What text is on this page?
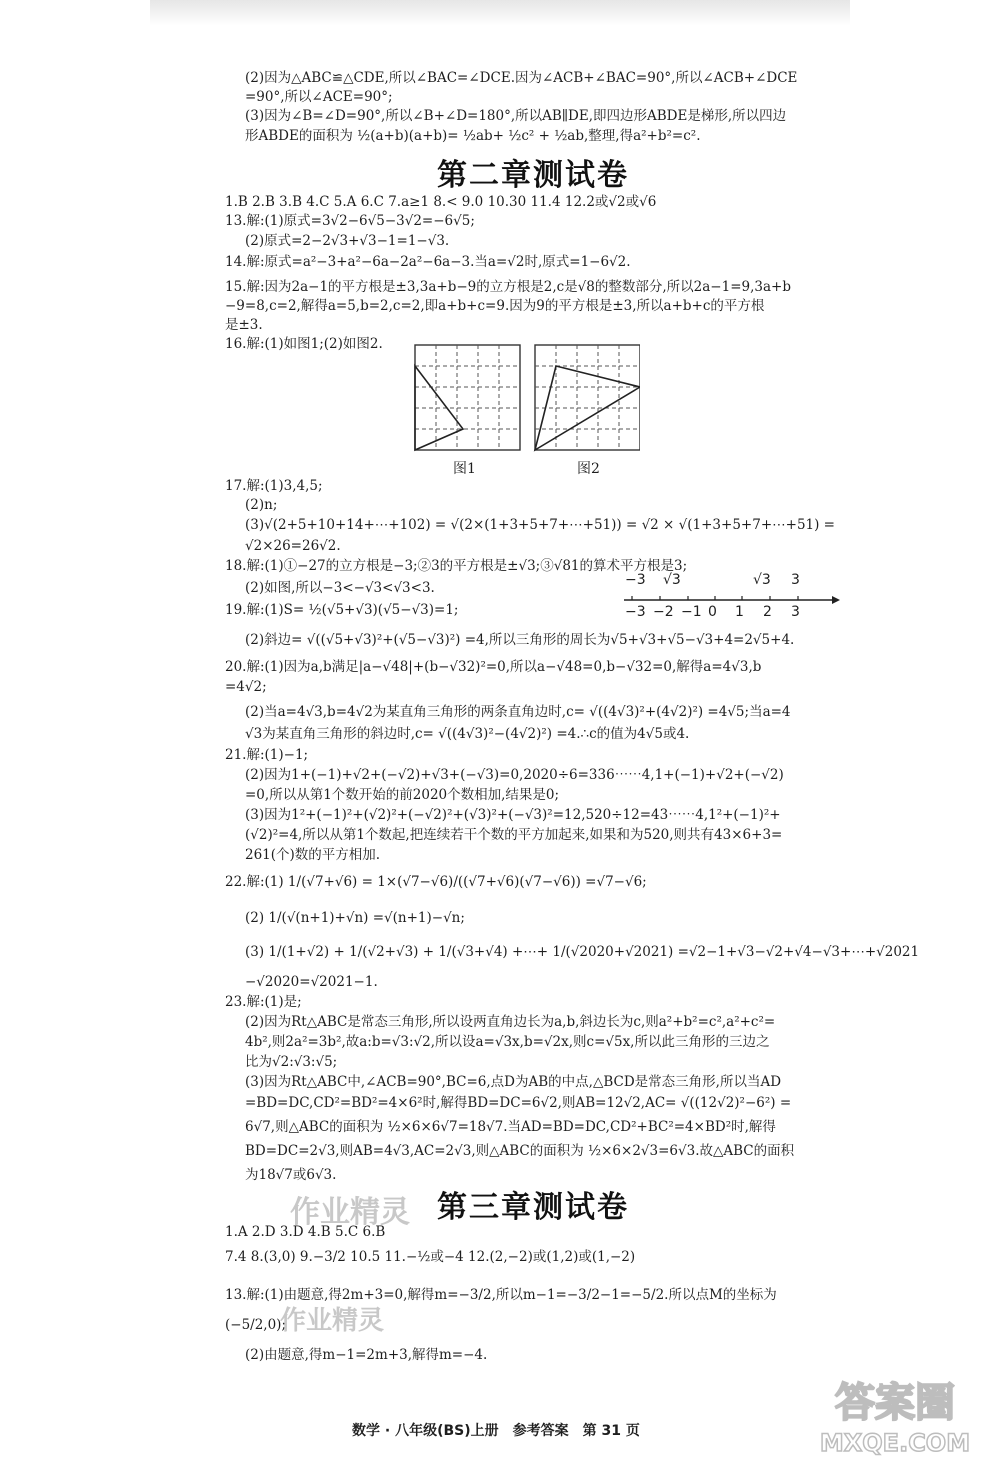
(2)因为△ABC≌△CDE,所以∠BAC=∠DCE.因为∠ACB+∠BAC=90°,所以∠ACB+∠DCE
=90°,所以∠ACE=90°;
(3)因为∠B=∠D=90°,所以∠B+∠D=180°,所以AB∥DE,即四边形ABDE是梯形,所以四边
形ABDE的面积为 ½(a+b)(a+b)= ½ab+ ½c² + ½ab,整理,得a²+b²=c².
1.B 2.B 3.B 4.C 5.A 6.C 7.a≥1 8.< 9.0 10.30 11.4 12.2或√2或√6
13.解:(1)原式=3√2−6√5−3√2=−6√5;
(2)原式=2−2√3+√3−1=1−√3.
14.解:原式=a²−3+a²−6a−2a²−6a−3.当a=√2时,原式=1−6√2.
15.解:因为2a−1的平方根是±3,3a+b−9的立方根是2,c是√8的整数部分,所以2a−1=9,3a+b
−9=8,c=2,解得a=5,b=2,c=2,即a+b+c=9.因为9的平方根是±3,所以a+b+c的平方根
是±3.
16.解:(1)如图1;(2)如图2.
17.解:(1)3,4,5;
(2)n;
(3)√(2+5+10+14+⋯+102) = √(2×(1+3+5+7+⋯+51)) = √2 × √(1+3+5+7+⋯+51) =
√2×26=26√2.
18.解:(1)①−27的立方根是−3;②3的平方根是±√3;③√81的算术平方根是3;
(2)如图,所以−3<−√3<√3<3.
19.解:(1)S= ½(√5+√3)(√5−√3)=1;
(2)斜边= √((√5+√3)²+(√5−√3)²) =4,所以三角形的周长为√5+√3+√5−√3+4=2√5+4.
20.解:(1)因为a,b满足|a−√48|+(b−√32)²=0,所以a−√48=0,b−√32=0,解得a=4√3,b
=4√2;
(2)当a=4√3,b=4√2为某直角三角形的两条直角边时,c= √((4√3)²+(4√2)²) =4√5;当a=4
√3为某直角三角形的斜边时,c= √((4√3)²−(4√2)²) =4.∴c的值为4√5或4.
21.解:(1)−1;
(2)因为1+(−1)+√2+(−√2)+√3+(−√3)=0,2020÷6=336⋯⋯4,1+(−1)+√2+(−√2)
=0,所以从第1个数开始的前2020个数相加,结果是0;
(3)因为1²+(−1)²+(√2)²+(−√2)²+(√3)²+(−√3)²=12,520÷12=43⋯⋯4,1²+(−1)²+
(√2)²=4,所以从第1个数起,把连续若干个数的平方加起来,如果和为520,则共有43×6+3=
261(个)数的平方相加.
22.解:(1) 1/(√7+√6) = 1×(√7−√6)/((√7+√6)(√7−√6)) =√7−√6;
(2) 1/(√(n+1)+√n) =√(n+1)−√n;
(3) 1/(1+√2) + 1/(√2+√3) + 1/(√3+√4) +⋯+ 1/(√2020+√2021) =√2−1+√3−√2+√4−√3+⋯+√2021
−√2020=√2021−1.
23.解:(1)是;
(2)因为Rt△ABC是常态三角形,所以设两直角边长为a,b,斜边长为c,则a²+b²=c²,a²+c²=
4b²,则2a²=3b²,故a:b=√3:√2,所以设a=√3x,b=√2x,则c=√5x,所以此三角形的三边之
比为√2:√3:√5;
(3)因为Rt△ABC中,∠ACB=90°,BC=6,点D为AB的中点,△BCD是常态三角形,所以当AD
=BD=DC,CD²=BD²=4×6²时,解得BD=DC=6√2,则AB=12√2,AC= √((12√2)²−6²) =
6√7,则△ABC的面积为 ½×6×6√7=18√7.当AD=BD=DC,CD²+BC²=4×BD²时,解得
BD=DC=2√3,则AB=4√3,AC=2√3,则△ABC的面积为 ½×6×2√3=6√3.故△ABC的面积
为18√7或6√3.
1.A 2.D 3.D 4.B 5.C 6.B
7.4 8.(3,0) 9.−3/2 10.5 11.−½或−4 12.(2,−2)或(1,2)或(1,−2)
13.解:(1)由题意,得2m+3=0,解得m=−3/2,所以m−1=−3/2−1=−5/2.所以点M的坐标为
(−5/2,0);
(2)由题意,得m−1=2m+3,解得m=−4.
第二章测试卷
第三章测试卷
图1	图2
−3 √3	√3 3
−3 −2 −1 0 1 2 3
作业精灵
作业精灵
数学 · 八年级(BS)上册　参考答案　第 31 页
答案圈
MXQE.COM
